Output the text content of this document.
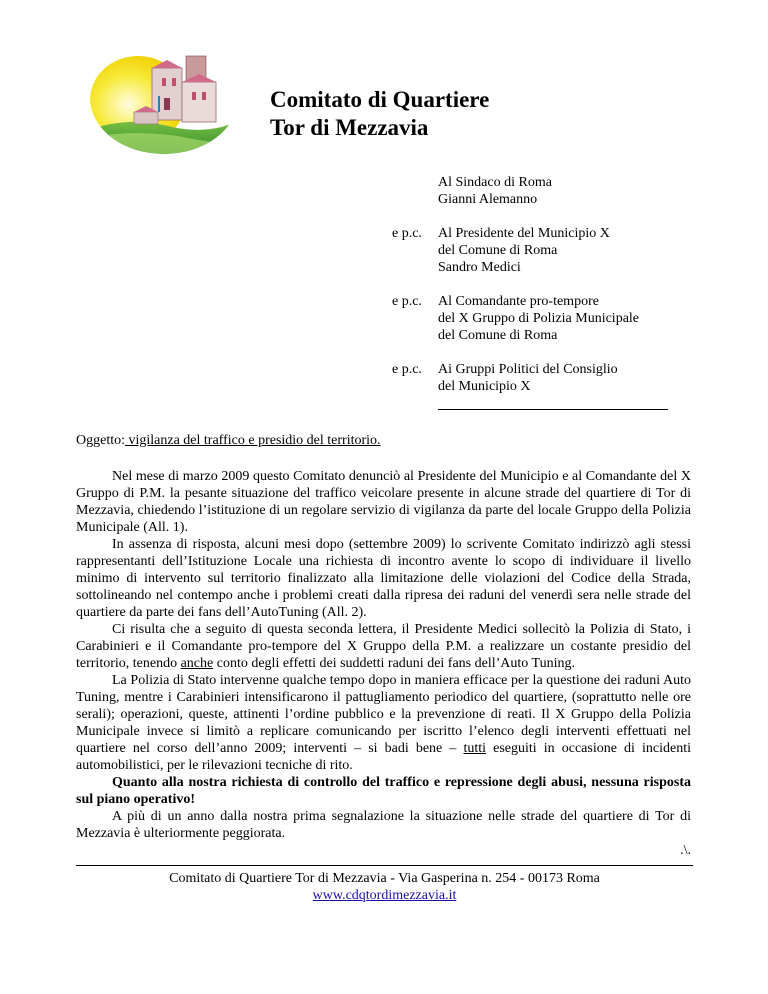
Comitato di Quartiere
Tor di Mezzavia
Al Sindaco di Roma
Gianni Alemanno
e p.c. Al Presidente del Municipio X
del Comune di Roma
Sandro Medici
e p.c. Al Comandante pro-tempore
del X Gruppo di Polizia Municipale
del Comune di Roma
e p.c. Ai Gruppi Politici del Consiglio
del Municipio X
Oggetto: vigilanza del traffico e presidio del territorio.

Nel mese di marzo 2009 questo Comitato denunciò al Presidente del Municipio e al Comandante del X Gruppo di P.M. la pesante situazione del traffico veicolare presente in alcune strade del quartiere di Tor di Mezzavia, chiedendo l’istituzione di un regolare servizio di vigilanza da parte del locale Gruppo della Polizia Municipale (All. 1).

In assenza di risposta, alcuni mesi dopo (settembre 2009) lo scrivente Comitato indirizzò agli stessi rappresentanti dell’Istituzione Locale una richiesta di incontro avente lo scopo di individuare il livello minimo di intervento sul territorio finalizzato alla limitazione delle violazioni del Codice della Strada, sottolineando nel contempo anche i problemi creati dalla ripresa dei raduni del venerdì sera nelle strade del quartiere da parte dei fans dell’AutoTuning (All. 2).

Ci risulta che a seguito di questa seconda lettera, il Presidente Medici sollecitò la Polizia di Stato, i Carabinieri e il Comandante pro-tempore del X Gruppo della P.M. a realizzare un costante presidio del territorio, tenendo anche conto degli effetti dei suddetti raduni dei fans dell’Auto Tuning.

La Polizia di Stato intervenne qualche tempo dopo in maniera efficace per la questione dei raduni Auto Tuning, mentre i Carabinieri intensificarono il pattugliamento periodico del quartiere, (soprattutto nelle ore serali); operazioni, queste, attinenti l’ordine pubblico e la prevenzione di reati. Il X Gruppo della Polizia Municipale invece si limitò a replicare comunicando per iscritto l’elenco degli interventi effettuati nel quartiere nel corso dell’anno 2009; interventi – si badi bene – tutti eseguiti in occasione di incidenti automobilistici, per le rilevazioni tecniche di rito.

Quanto alla nostra richiesta di controllo del traffico e repressione degli abusi, nessuna risposta sul piano operativo!

A più di un anno dalla nostra prima segnalazione la situazione nelle strade del quartiere di Tor di Mezzavia è ulteriormente peggiorata.

.\.
Comitato di Quartiere Tor di Mezzavia - Via Gasperina n. 254 - 00173 Roma
www.cdqtordimezzavia.it
